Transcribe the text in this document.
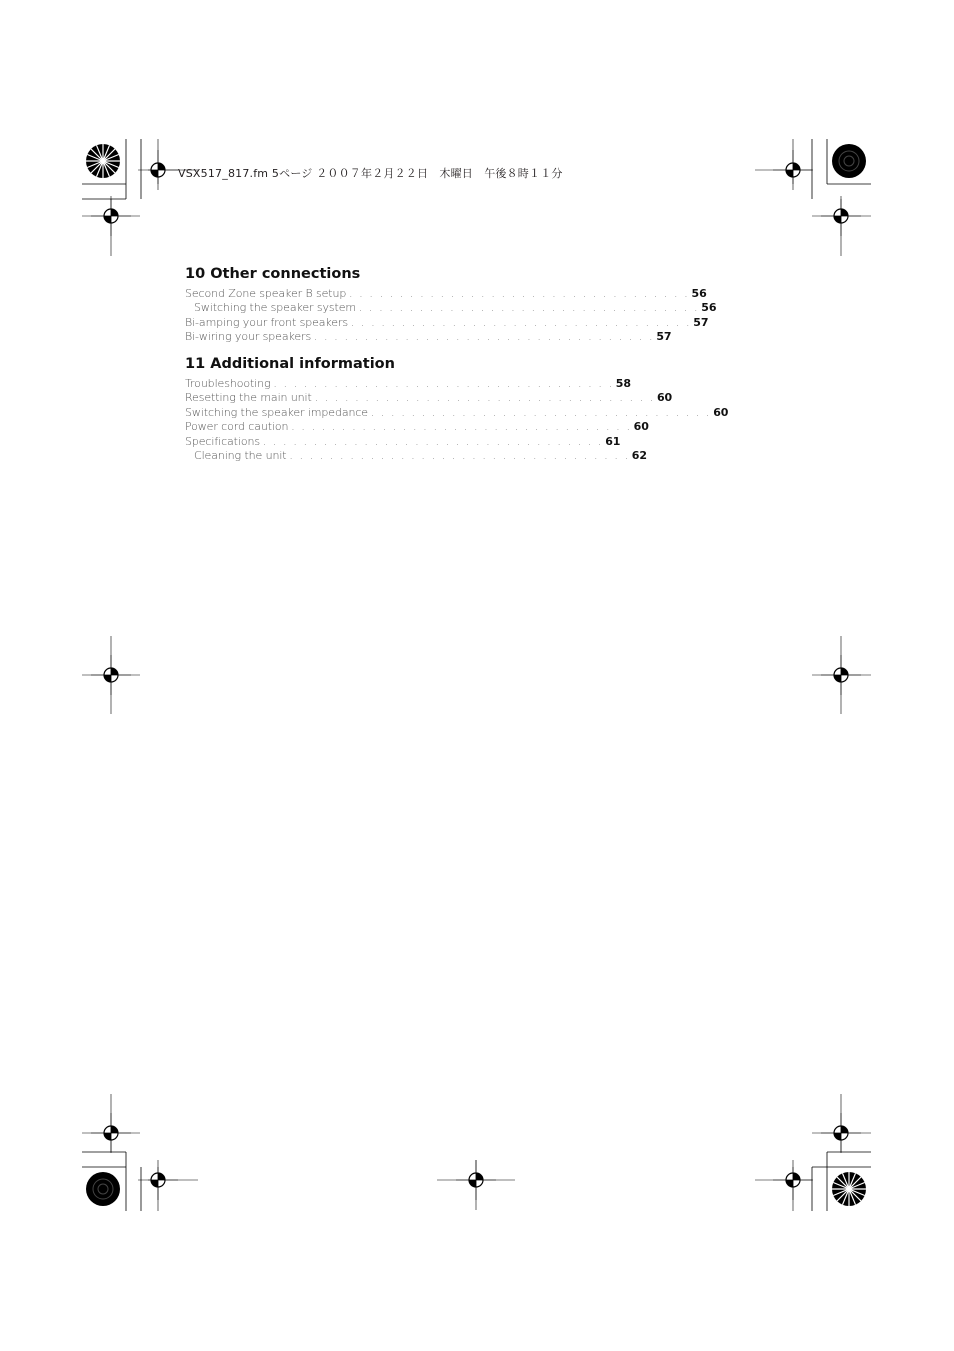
VSX517_817.fm 5ページ ２００７年２月２２日　木曜日　午後８時１１分
10 Other connections
Second Zone speaker B setup . . . . . . . . . . . . . . . . . . . . . . . . . . . . . . . . . . 56
Switching the speaker system . . . . . . . . . . . . . . . . . . . . . . . . . . . . . . . . . . 56
Bi-amping your front speakers . . . . . . . . . . . . . . . . . . . . . . . . . . . . . . . . . . 57
Bi-wiring your speakers . . . . . . . . . . . . . . . . . . . . . . . . . . . . . . . . . . 57
11 Additional information
Troubleshooting . . . . . . . . . . . . . . . . . . . . . . . . . . . . . . . . . . 58
Resetting the main unit . . . . . . . . . . . . . . . . . . . . . . . . . . . . . . . . . . 60
Switching the speaker impedance . . . . . . . . . . . . . . . . . . . . . . . . . . . . . . . . . . 60
Power cord caution . . . . . . . . . . . . . . . . . . . . . . . . . . . . . . . . . . 60
Specifications . . . . . . . . . . . . . . . . . . . . . . . . . . . . . . . . . . 61
Cleaning the unit . . . . . . . . . . . . . . . . . . . . . . . . . . . . . . . . . . 62
